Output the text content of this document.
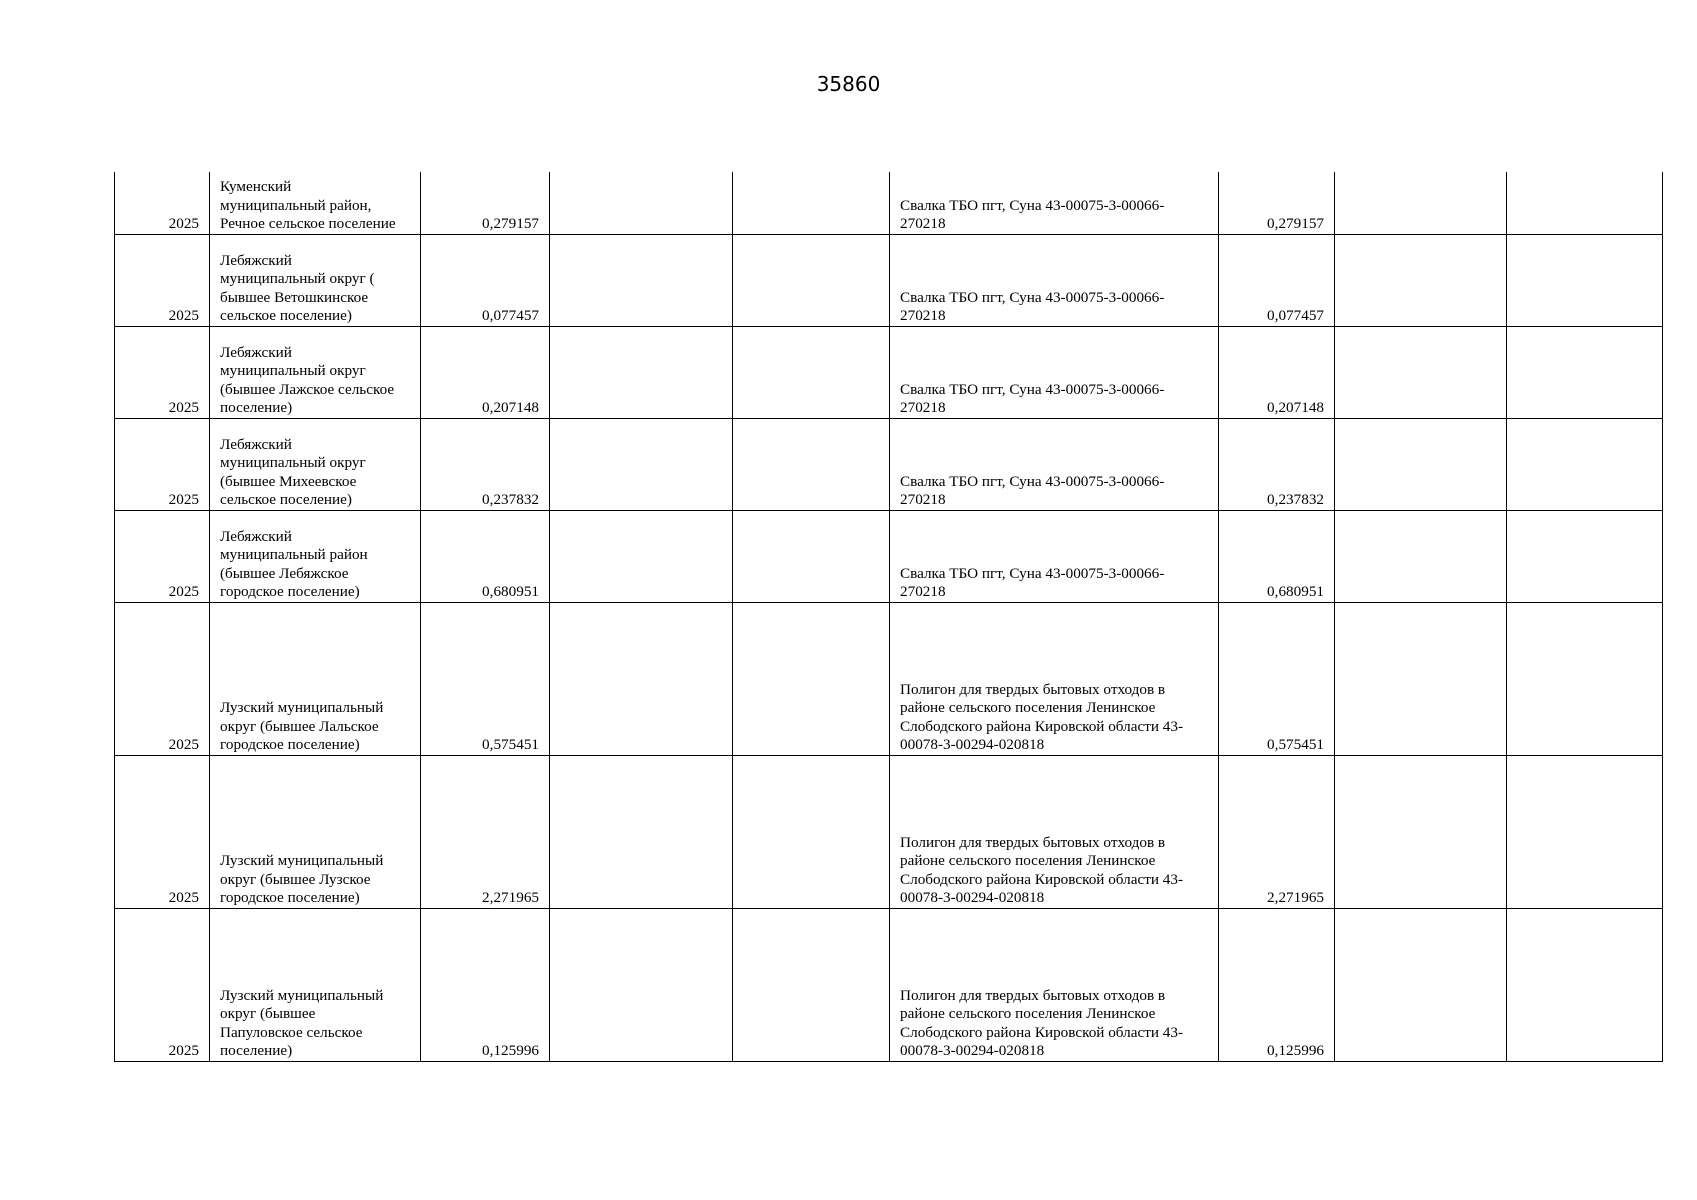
35860
2025	Куменский
муниципальный район,
Речное сельское поселение	0,279157			Свалка ТБО пгт, Суна 43-00075-3-00066-
270218	0,279157		
2025	Лебяжский
муниципальный округ (
бывшее Ветошкинское
сельское поселение)	0,077457			Свалка ТБО пгт, Суна 43-00075-3-00066-
270218	0,077457		
2025	Лебяжский
муниципальный округ
(бывшее Лажское сельское
поселение)	0,207148			Свалка ТБО пгт, Суна 43-00075-3-00066-
270218	0,207148		
2025	Лебяжский
муниципальный округ
(бывшее Михеевское
сельское поселение)	0,237832			Свалка ТБО пгт, Суна 43-00075-3-00066-
270218	0,237832		
2025	Лебяжский
муниципальный район
(бывшее Лебяжское
городское поселение)	0,680951			Свалка ТБО пгт, Суна 43-00075-3-00066-
270218	0,680951		
2025	Лузский муниципальный
округ (бывшее Лальское
городское поселение)	0,575451			Полигон для твердых бытовых отходов в
районе сельского поселения Ленинское
Слободского района Кировской области 43-
00078-3-00294-020818	0,575451		
2025	Лузский муниципальный
округ (бывшее Лузское
городское поселение)	2,271965			Полигон для твердых бытовых отходов в
районе сельского поселения Ленинское
Слободского района Кировской области 43-
00078-3-00294-020818	2,271965		
2025	Лузский муниципальный
округ (бывшее
Папуловское сельское
поселение)	0,125996			Полигон для твердых бытовых отходов в
районе сельского поселения Ленинское
Слободского района Кировской области 43-
00078-3-00294-020818	0,125996		
